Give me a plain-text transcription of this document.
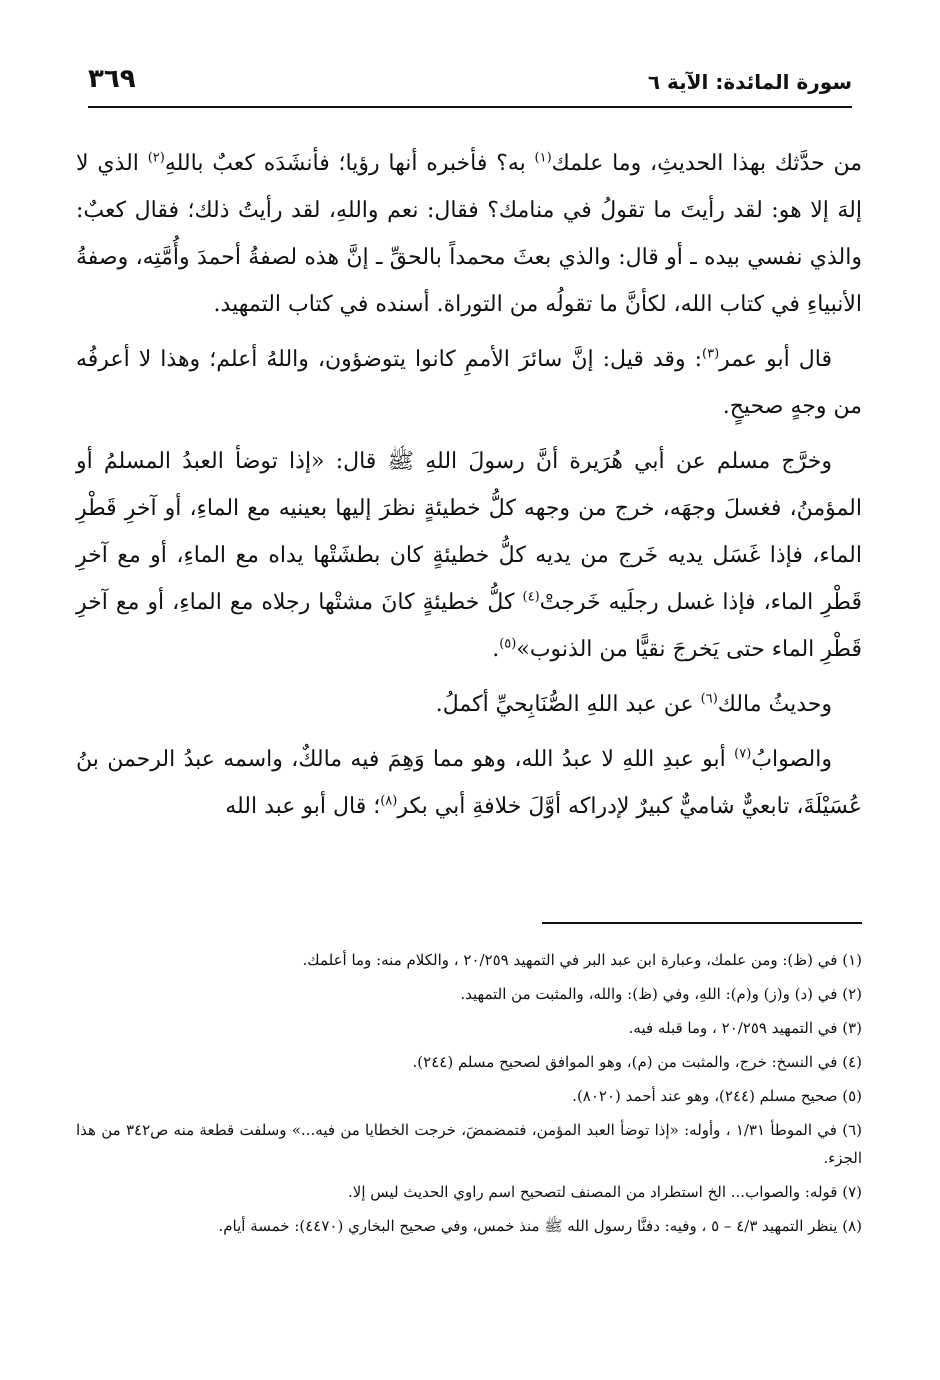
سورة المائدة: الآية ٦
٣٦٩

من حدَّثك بهذا الحديثِ، وما علمك$^{(١)}$ به؟ فأخبره أنها رؤيا؛ فأنشَدَه كعبٌ باللهِ$^{(٢)}$ الذي لا إلهَ إلا هو: لقد رأيتَ ما تقولُ في منامك؟ فقال: نعم واللهِ، لقد رأيتُ ذلك؛ فقال كعبٌ: والذي نفسي بيده ـ أو قال: والذي بعثَ محمداً بالحقِّ ـ إنَّ هذه لصفةُ أحمدَ وأُمَّتِه، وصفةُ الأنبياءِ في كتاب الله، لكأنَّ ما تقولُه من التوراة. أسنده في كتاب التمهيد.

قال أبو عمر$^{(٣)}$: وقد قيل: إنَّ سائرَ الأممِ كانوا يتوضؤون، واللهُ أعلم؛ وهذا لا أعرفُه من وجهٍ صحيحٍ.

وخرَّج مسلم عن أبي هُرَيرة أنَّ رسولَ اللهِ ﷺ قال: «إذا توضأ العبدُ المسلمُ أو المؤمنُ، فغسلَ وجهَه، خرج من وجهه كلُّ خطيئةٍ نظرَ إليها بعينيه مع الماءِ، أو آخرِ قَطْرِ الماء، فإذا غَسَل يديه خَرج من يديه كلُّ خطيئةٍ كان بطشَتْها يداه مع الماءِ، أو مع آخرِ قَطْرِ الماء، فإذا غسل رجلَيه خَرجتْ$^{(٤)}$ كلُّ خطيئةٍ كانَ مشتْها رجلاه مع الماءِ، أو مع آخرِ قَطْرِ الماء حتى يَخرجَ نقيًّا من الذنوب»$^{(٥)}$.

وحديثُ مالك$^{(٦)}$ عن عبد اللهِ الصُّنَابِحيِّ أكملُ.

والصوابُ$^{(٧)}$ أبو عبدِ اللهِ لا عبدُ الله، وهو مما وَهِمَ فيه مالكٌ، واسمه عبدُ الرحمن بنُ عُسَيْلَةَ، تابعيٌّ شاميٌّ كبيرٌ لإدراكه أوَّلَ خلافةِ أبي بكر$^{(٨)}$؛ قال أبو عبد الله

(١) في (ظ): ومن علمك، وعبارة ابن عبد البر في التمهيد ٢٠/٢٥٩ ، والكلام منه: وما أعلمك.
(٢) في (د) و(ز) و(م): اللهِ، وفي (ظ): والله، والمثبت من التمهيد.
(٣) في التمهيد ٢٠/٢٥٩ ، وما قبله فيه.
(٤) في النسخ: خرج، والمثبت من (م)، وهو الموافق لصحيح مسلم (٢٤٤).
(٥) صحيح مسلم (٢٤٤)، وهو عند أحمد (٨٠٢٠).
(٦) في الموطأ ١/٣١ ، وأوله: «إذا توضأ العبد المؤمن، فتمضمضَ، خرجت الخطايا من فيه...» وسلفت قطعة منه ص٣٤٢ من هذا الجزء.
(٧) قوله: والصواب... الخ استطراد من المصنف لتصحيح اسم راوي الحديث ليس إلا.
(٨) ينظر التمهيد ٤/٣ – ٥ ، وفيه: دفنَّا رسول الله ﷺ منذ خمس، وفي صحيح البخاري (٤٤٧٠): خمسة أيام.
